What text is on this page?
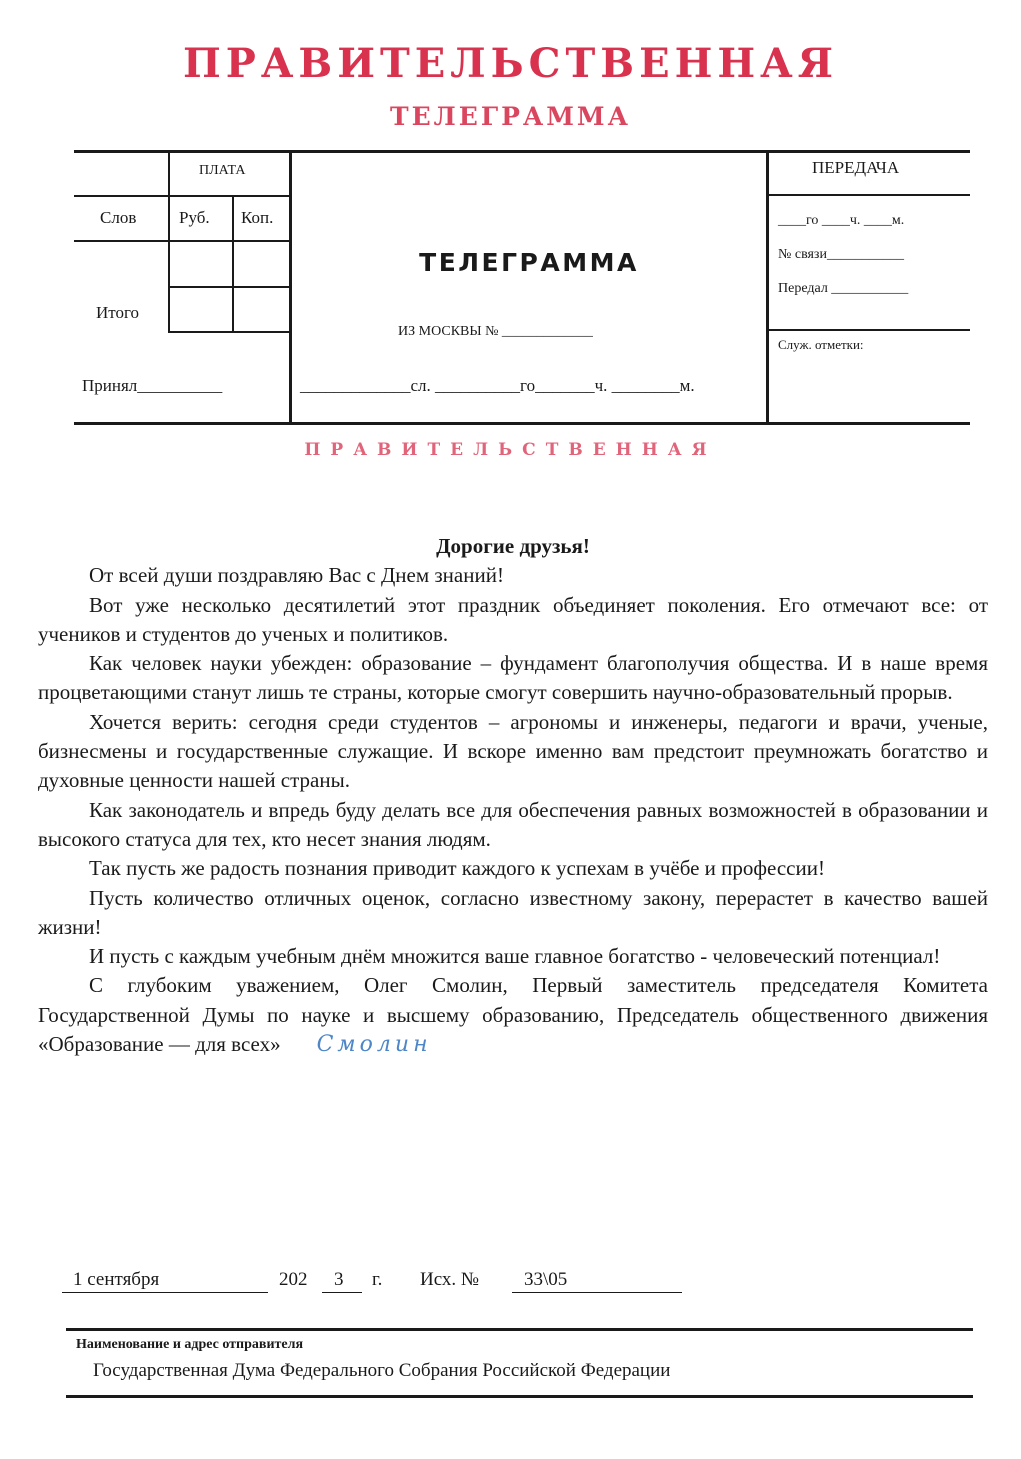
ПРАВИТЕЛЬСТВЕННАЯ
ТЕЛЕГРАММА
ПЛАТА
Слов	Руб. Коп.
Итого
Принял__________
ТЕЛЕГРАММА
ИЗ МОСКВЫ № _____________
_____________сл. __________го_______ч. ________м.
ПЕРЕДАЧА
____го ____ч. ____м.
№ связи___________
Передал ___________
Служ. отметки:
ПРАВИТЕЛЬСТВЕННАЯ
Дорогие друзья!

От всей души поздравляю Вас с Днем знаний!

Вот уже несколько десятилетий этот праздник объединяет поколения. Его отмечают все: от учеников и студентов до ученых и политиков.

Как человек науки убежден: образование – фундамент благополучия общества. И в наше время процветающими станут лишь те страны, которые смогут совершить научно-образовательный прорыв.

Хочется верить: сегодня среди студентов – агрономы и инженеры, педагоги и врачи, ученые, бизнесмены и государственные служащие. И вскоре именно вам предстоит преумножать богатство и духовные ценности нашей страны.

Как законодатель и впредь буду делать все для обеспечения равных возможностей в образовании и высокого статуса для тех, кто несет знания людям.

Так пусть же радость познания приводит каждого к успехам в учёбе и профессии!

Пусть количество отличных оценок, согласно известному закону, перерастет в качество вашей жизни!

И пусть с каждым учебным днём множится ваше главное богатство - человеческий потенциал!

С глубоким уважением, Олег Смолин, Первый заместитель председателя Комитета Государственной Думы по науке и высшему образованию, Председатель общественного движения «Образование — для всех» Смолин

1 сентября	202 3 г. Исх. № 33\05
Наименование и адрес отправителя
Государственная Дума Федерального Собрания Российской Федерации
